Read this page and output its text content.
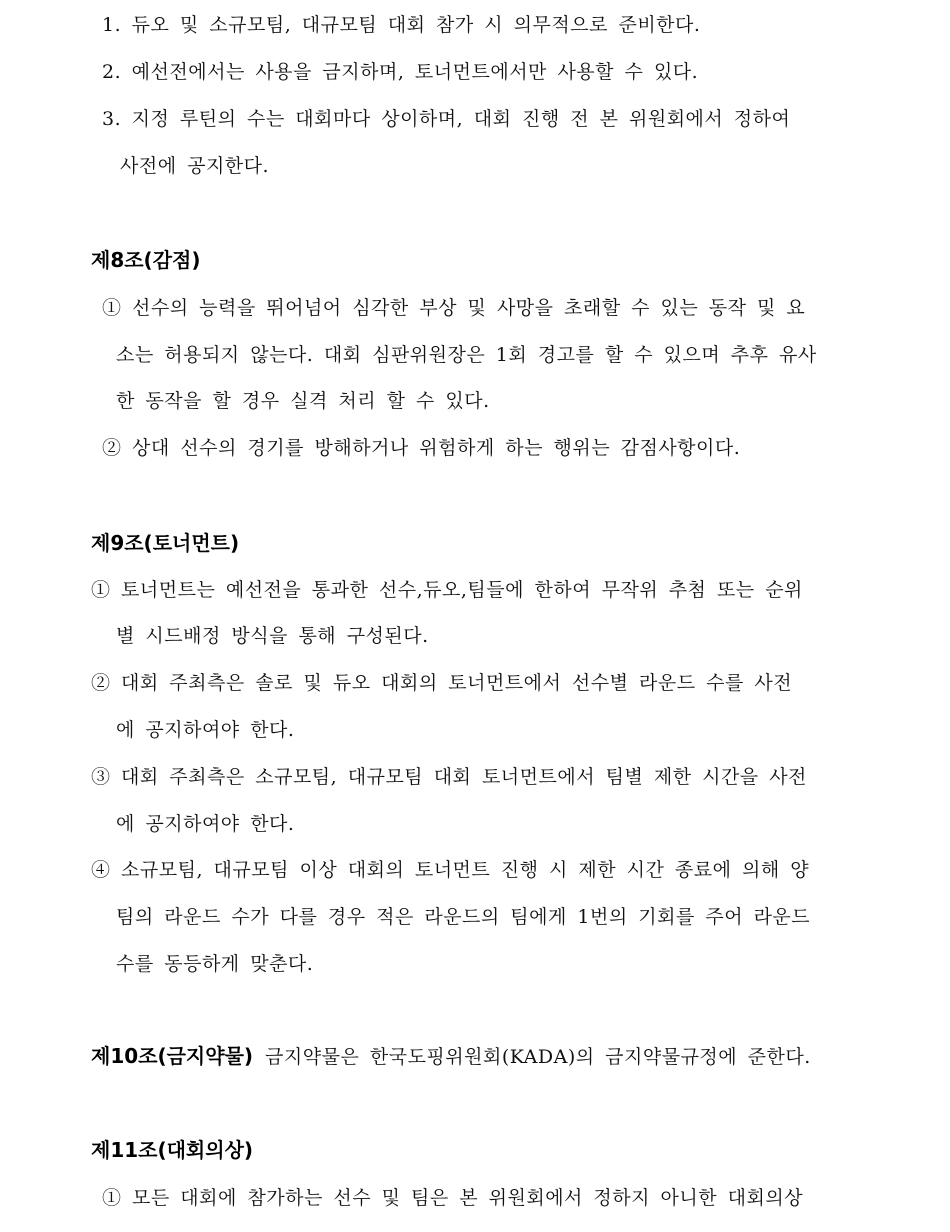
1. 듀오 및 소규모팀, 대규모팀 대회 참가 시 의무적으로 준비한다.
2. 예선전에서는 사용을 금지하며, 토너먼트에서만 사용할 수 있다.
3. 지정 루틴의 수는 대회마다 상이하며, 대회 진행 전 본 위원회에서 정하여
사전에 공지한다.
제8조(감점)
① 선수의 능력을 뛰어넘어 심각한 부상 및 사망을 초래할 수 있는 동작 및 요
소는 허용되지 않는다. 대회 심판위원장은 1회 경고를 할 수 있으며 추후 유사
한 동작을 할 경우 실격 처리 할 수 있다.
② 상대 선수의 경기를 방해하거나 위험하게 하는 행위는 감점사항이다.
제9조(토너먼트)
① 토너먼트는 예선전을 통과한 선수,듀오,팀들에 한하여 무작위 추첨 또는 순위
별 시드배정 방식을 통해 구성된다.
② 대회 주최측은 솔로 및 듀오 대회의 토너먼트에서 선수별 라운드 수를 사전
에 공지하여야 한다.
③ 대회 주최측은 소규모팀, 대규모팀 대회 토너먼트에서 팀별 제한 시간을 사전
에 공지하여야 한다.
④ 소규모팀, 대규모팀 이상 대회의 토너먼트 진행 시 제한 시간 종료에 의해 양
팀의 라운드 수가 다를 경우 적은 라운드의 팀에게 1번의 기회를 주어 라운드
수를 동등하게 맞춘다.
제10조(금지약물) 금지약물은 한국도핑위원회(KADA)의 금지약물규정에 준한다.
제11조(대회의상)
① 모든 대회에 참가하는 선수 및 팀은 본 위원회에서 정하지 아니한 대회의상
